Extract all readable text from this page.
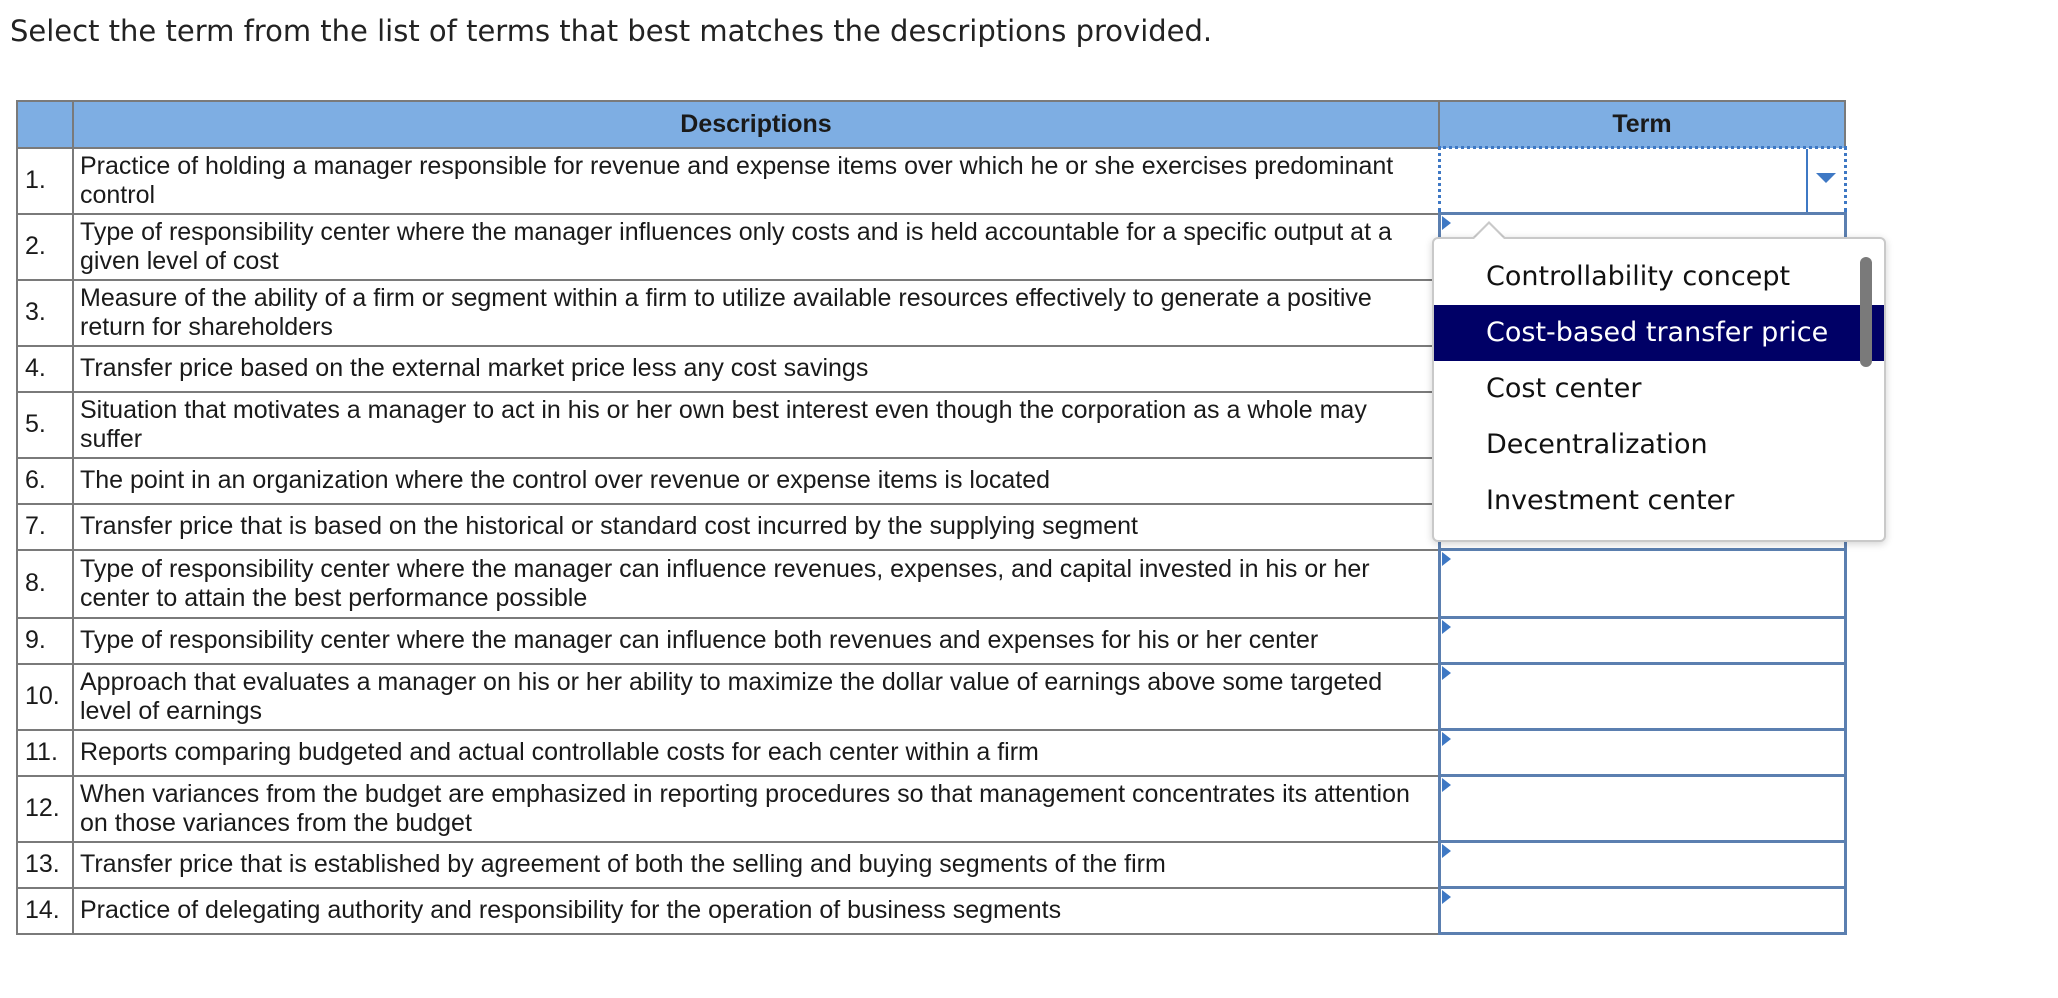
Select the term from the list of terms that best matches the descriptions provided.
	Descriptions	Term
1.	Practice of holding a manager responsible for revenue and expense items over which he or she exercises predominant control	

2.	Type of responsibility center where the manager influences only costs and is held accountable for a specific output at a given level of cost	

3.	Measure of the ability of a firm or segment within a firm to utilize available resources effectively to generate a positive return for shareholders	

4.	Transfer price based on the external market price less any cost savings	

5.	Situation that motivates a manager to act in his or her own best interest even though the corporation as a whole may suffer	

6.	The point in an organization where the control over revenue or expense items is located	

7.	Transfer price that is based on the historical or standard cost incurred by the supplying segment	

8.	Type of responsibility center where the manager can influence revenues, expenses, and capital invested in his or her center to attain the best performance possible	

9.	Type of responsibility center where the manager can influence both revenues and expenses for his or her center	

10.	Approach that evaluates a manager on his or her ability to maximize the dollar value of earnings above some targeted level of earnings	

11.	Reports comparing budgeted and actual controllable costs for each center within a firm	

12.	When variances from the budget are emphasized in reporting procedures so that management concentrates its attention on those variances from the budget	

13.	Transfer price that is established by agreement of both the selling and buying segments of the firm	

14.	Practice of delegating authority and responsibility for the operation of business segments	
Controllability concept
Cost-based transfer price
Cost center
Decentralization
Investment center
